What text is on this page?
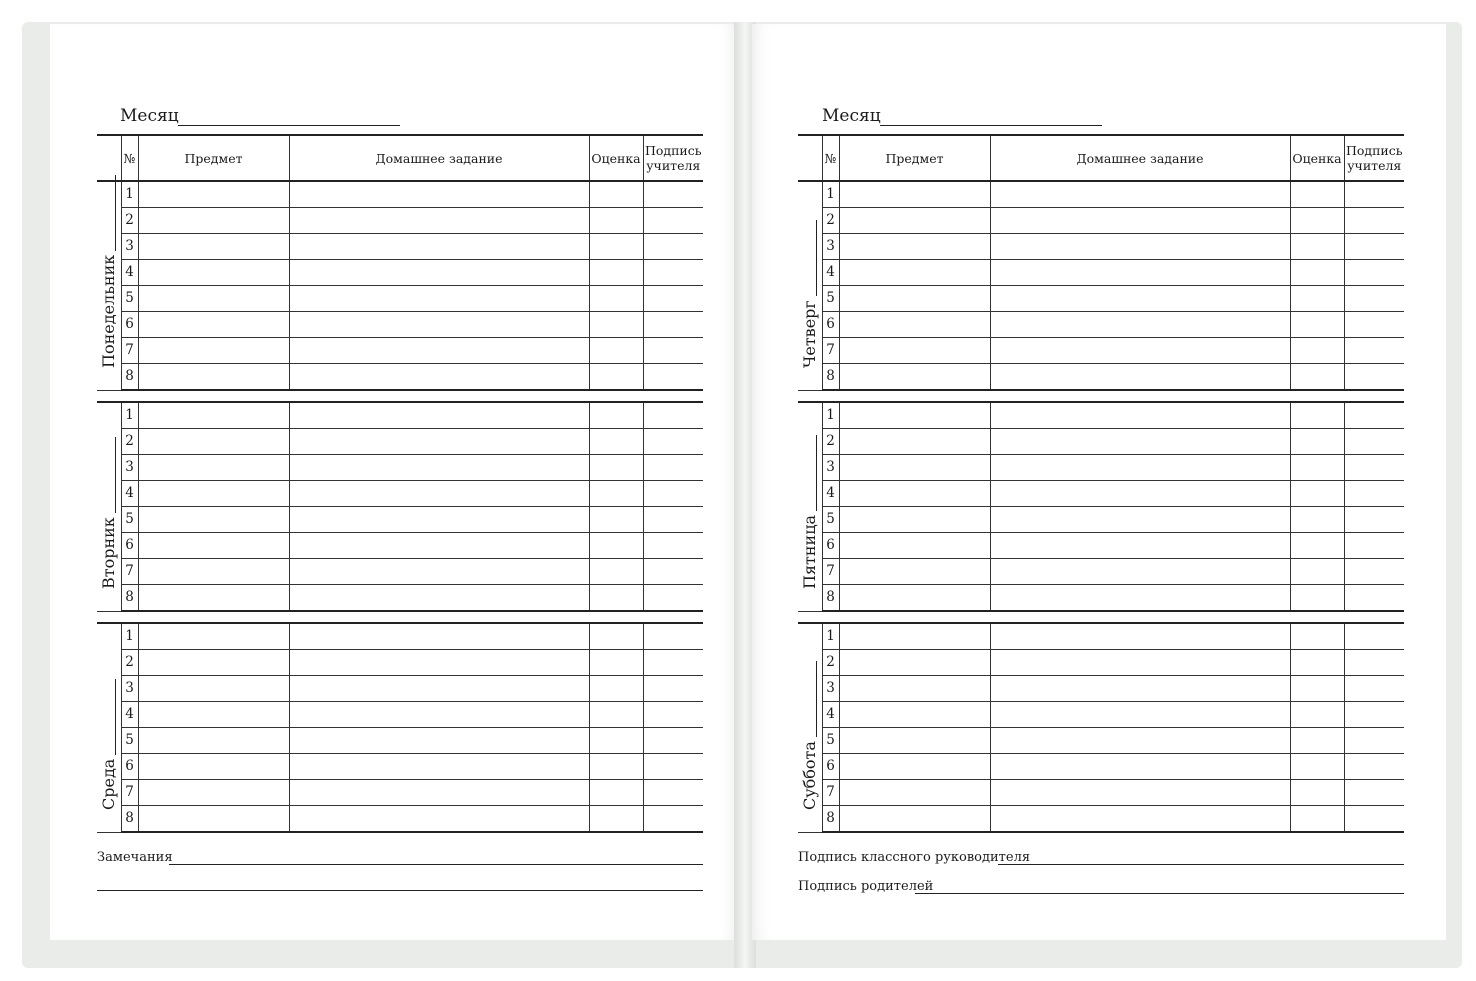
Месяц
	№	Предмет	Домашнее задание	Оценка	Подпись учителя

Понедельник	1				
	2				
	3				
	4				
	5				
	6				
	7				
	8				

Вторник	1				
	2				
	3				
	4				
	5				
	6				
	7				
	8				

Среда	1				
	2				
	3				
	4				
	5				
	6				
	7				
	8				
Замечания
Месяц
	№	Предмет	Домашнее задание	Оценка	Подпись учителя

Четверг	1				
	2				
	3				
	4				
	5				
	6				
	7				
	8				

Пятница	1				
	2				
	3				
	4				
	5				
	6				
	7				
	8				

Суббота	1				
	2				
	3				
	4				
	5				
	6				
	7				
	8				
Подпись классного руководителя
Подпись родителей
